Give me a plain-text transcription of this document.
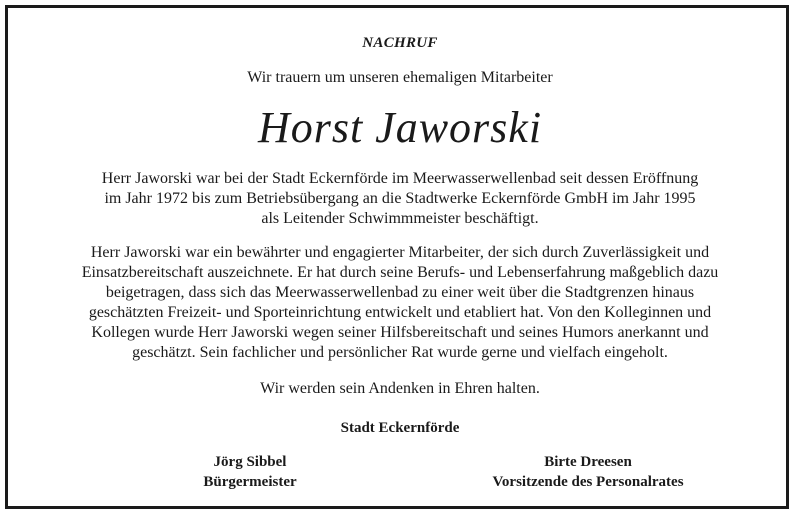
NACHRUF
Wir trauern um unseren ehemaligen Mitarbeiter
Horst Jaworski
Herr Jaworski war bei der Stadt Eckernförde im Meerwasserwellenbad seit dessen Eröffnung
im Jahr 1972 bis zum Betriebsübergang an die Stadtwerke Eckernförde GmbH im Jahr 1995
als Leitender Schwimmmeister beschäftigt.
Herr Jaworski war ein bewährter und engagierter Mitarbeiter, der sich durch Zuverlässigkeit und
Einsatzbereitschaft auszeichnete. Er hat durch seine Berufs- und Lebenserfahrung maßgeblich dazu
beigetragen, dass sich das Meerwasserwellenbad zu einer weit über die Stadtgrenzen hinaus
geschätzten Freizeit- und Sporteinrichtung entwickelt und etabliert hat. Von den Kolleginnen und
Kollegen wurde Herr Jaworski wegen seiner Hilfsbereitschaft und seines Humors anerkannt und
geschätzt. Sein fachlicher und persönlicher Rat wurde gerne und vielfach eingeholt.
Wir werden sein Andenken in Ehren halten.
Stadt Eckernförde
Jörg Sibbel
Bürgermeister
Birte Dreesen
Vorsitzende des Personalrates
